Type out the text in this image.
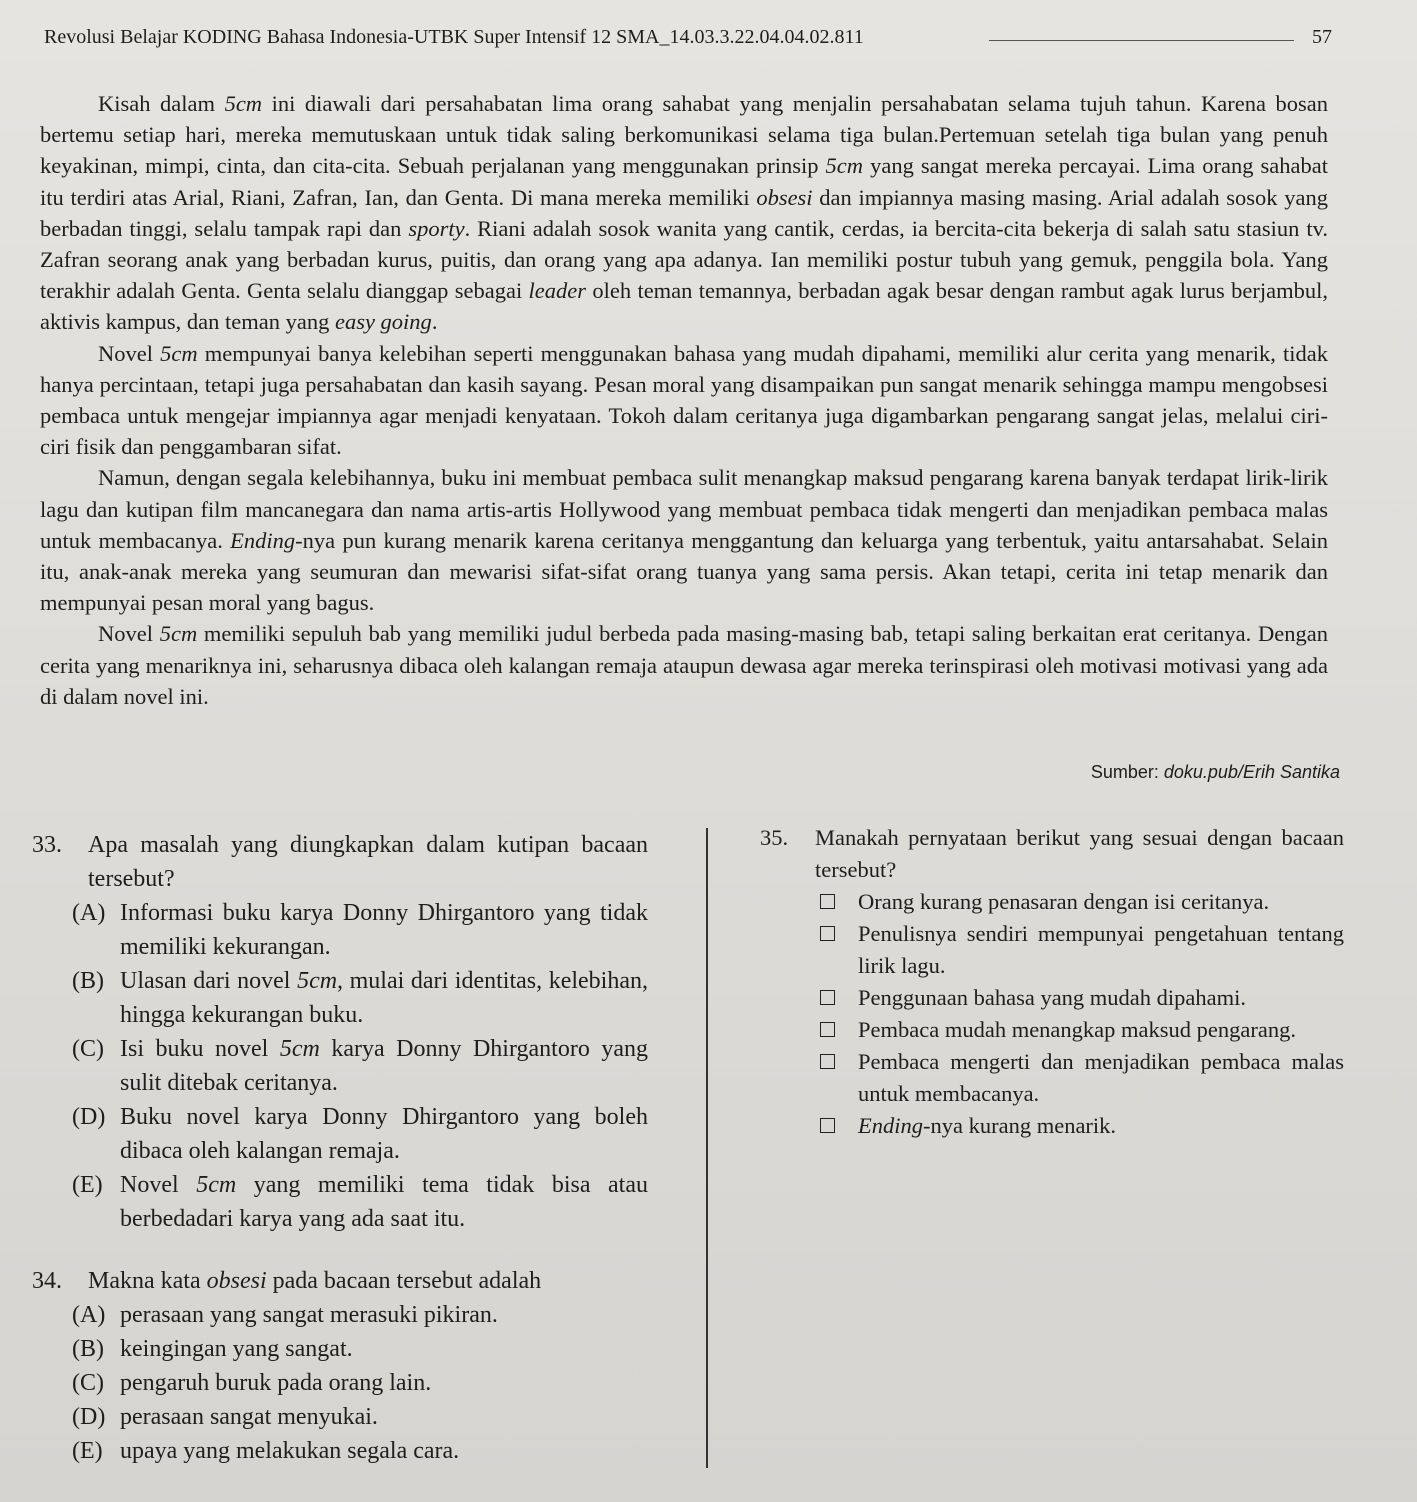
Revolusi Belajar KODING Bahasa Indonesia-UTBK Super Intensif 12 SMA_14.03.3.22.04.04.02.811	57

Kisah dalam 5cm ini diawali dari persahabatan lima orang sahabat yang menjalin persahabatan selama tujuh tahun. Karena bosan bertemu setiap hari, mereka memutuskaan untuk tidak saling berkomunikasi selama tiga bulan.Pertemuan setelah tiga bulan yang penuh keyakinan, mimpi, cinta, dan cita-cita. Sebuah perjalanan yang menggunakan prinsip 5cm yang sangat mereka percayai. Lima orang sahabat itu terdiri atas Arial, Riani, Zafran, Ian, dan Genta. Di mana mereka memiliki obsesi dan impiannya masing masing. Arial adalah sosok yang berbadan tinggi, selalu tampak rapi dan sporty. Riani adalah sosok wanita yang cantik, cerdas, ia bercita-cita bekerja di salah satu stasiun tv. Zafran seorang anak yang berbadan kurus, puitis, dan orang yang apa adanya. Ian memiliki postur tubuh yang gemuk, penggila bola. Yang terakhir adalah Genta. Genta selalu dianggap sebagai leader oleh teman temannya, berbadan agak besar dengan rambut agak lurus berjambul, aktivis kampus, dan teman yang easy going.

Novel 5cm mempunyai banya kelebihan seperti menggunakan bahasa yang mudah dipahami, memiliki alur cerita yang menarik, tidak hanya percintaan, tetapi juga persahabatan dan kasih sayang. Pesan moral yang disampaikan pun sangat menarik sehingga mampu mengobsesi pembaca untuk mengejar impiannya agar menjadi kenyataan. Tokoh dalam ceritanya juga digambarkan pengarang sangat jelas, melalui ciri-ciri fisik dan penggambaran sifat.

Namun, dengan segala kelebihannya, buku ini membuat pembaca sulit menangkap maksud pengarang karena banyak terdapat lirik-lirik lagu dan kutipan film mancanegara dan nama artis-artis Hollywood yang membuat pembaca tidak mengerti dan menjadikan pembaca malas untuk membacanya. Ending-nya pun kurang menarik karena ceritanya menggantung dan keluarga yang terbentuk, yaitu antarsahabat. Selain itu, anak-anak mereka yang seumuran dan mewarisi sifat-sifat orang tuanya yang sama persis. Akan tetapi, cerita ini tetap menarik dan mempunyai pesan moral yang bagus.

Novel 5cm memiliki sepuluh bab yang memiliki judul berbeda pada masing-masing bab, tetapi saling berkaitan erat ceritanya. Dengan cerita yang menariknya ini, seharusnya dibaca oleh kalangan remaja ataupun dewasa agar mereka terinspirasi oleh motivasi motivasi yang ada di dalam novel ini.

Sumber: doku.pub/Erih Santika
33. Apa masalah yang diungkapkan dalam kutipan bacaan tersebut?
(A) Informasi buku karya Donny Dhirgantoro yang tidak memiliki kekurangan.
(B) Ulasan dari novel 5cm, mulai dari identitas, kelebihan, hingga kekurangan buku.
(C) Isi buku novel 5cm karya Donny Dhirgantoro yang sulit ditebak ceritanya.
(D) Buku novel karya Donny Dhirgantoro yang boleh dibaca oleh kalangan remaja.
(E) Novel 5cm yang memiliki tema tidak bisa atau berbedadari karya yang ada saat itu.
34. Makna kata obsesi pada bacaan tersebut adalah
(A) perasaan yang sangat merasuki pikiran.
(B) keingingan yang sangat.
(C) pengaruh buruk pada orang lain.
(D) perasaan sangat menyukai.
(E) upaya yang melakukan segala cara.
35. Manakah pernyataan berikut yang sesuai dengan bacaan tersebut?
Orang kurang penasaran dengan isi ceritanya.
Penulisnya sendiri mempunyai pengetahuan tentang lirik lagu.
Penggunaan bahasa yang mudah dipahami.
Pembaca mudah menangkap maksud pengarang.
Pembaca mengerti dan menjadikan pembaca malas untuk membacanya.
Ending-nya kurang menarik.
